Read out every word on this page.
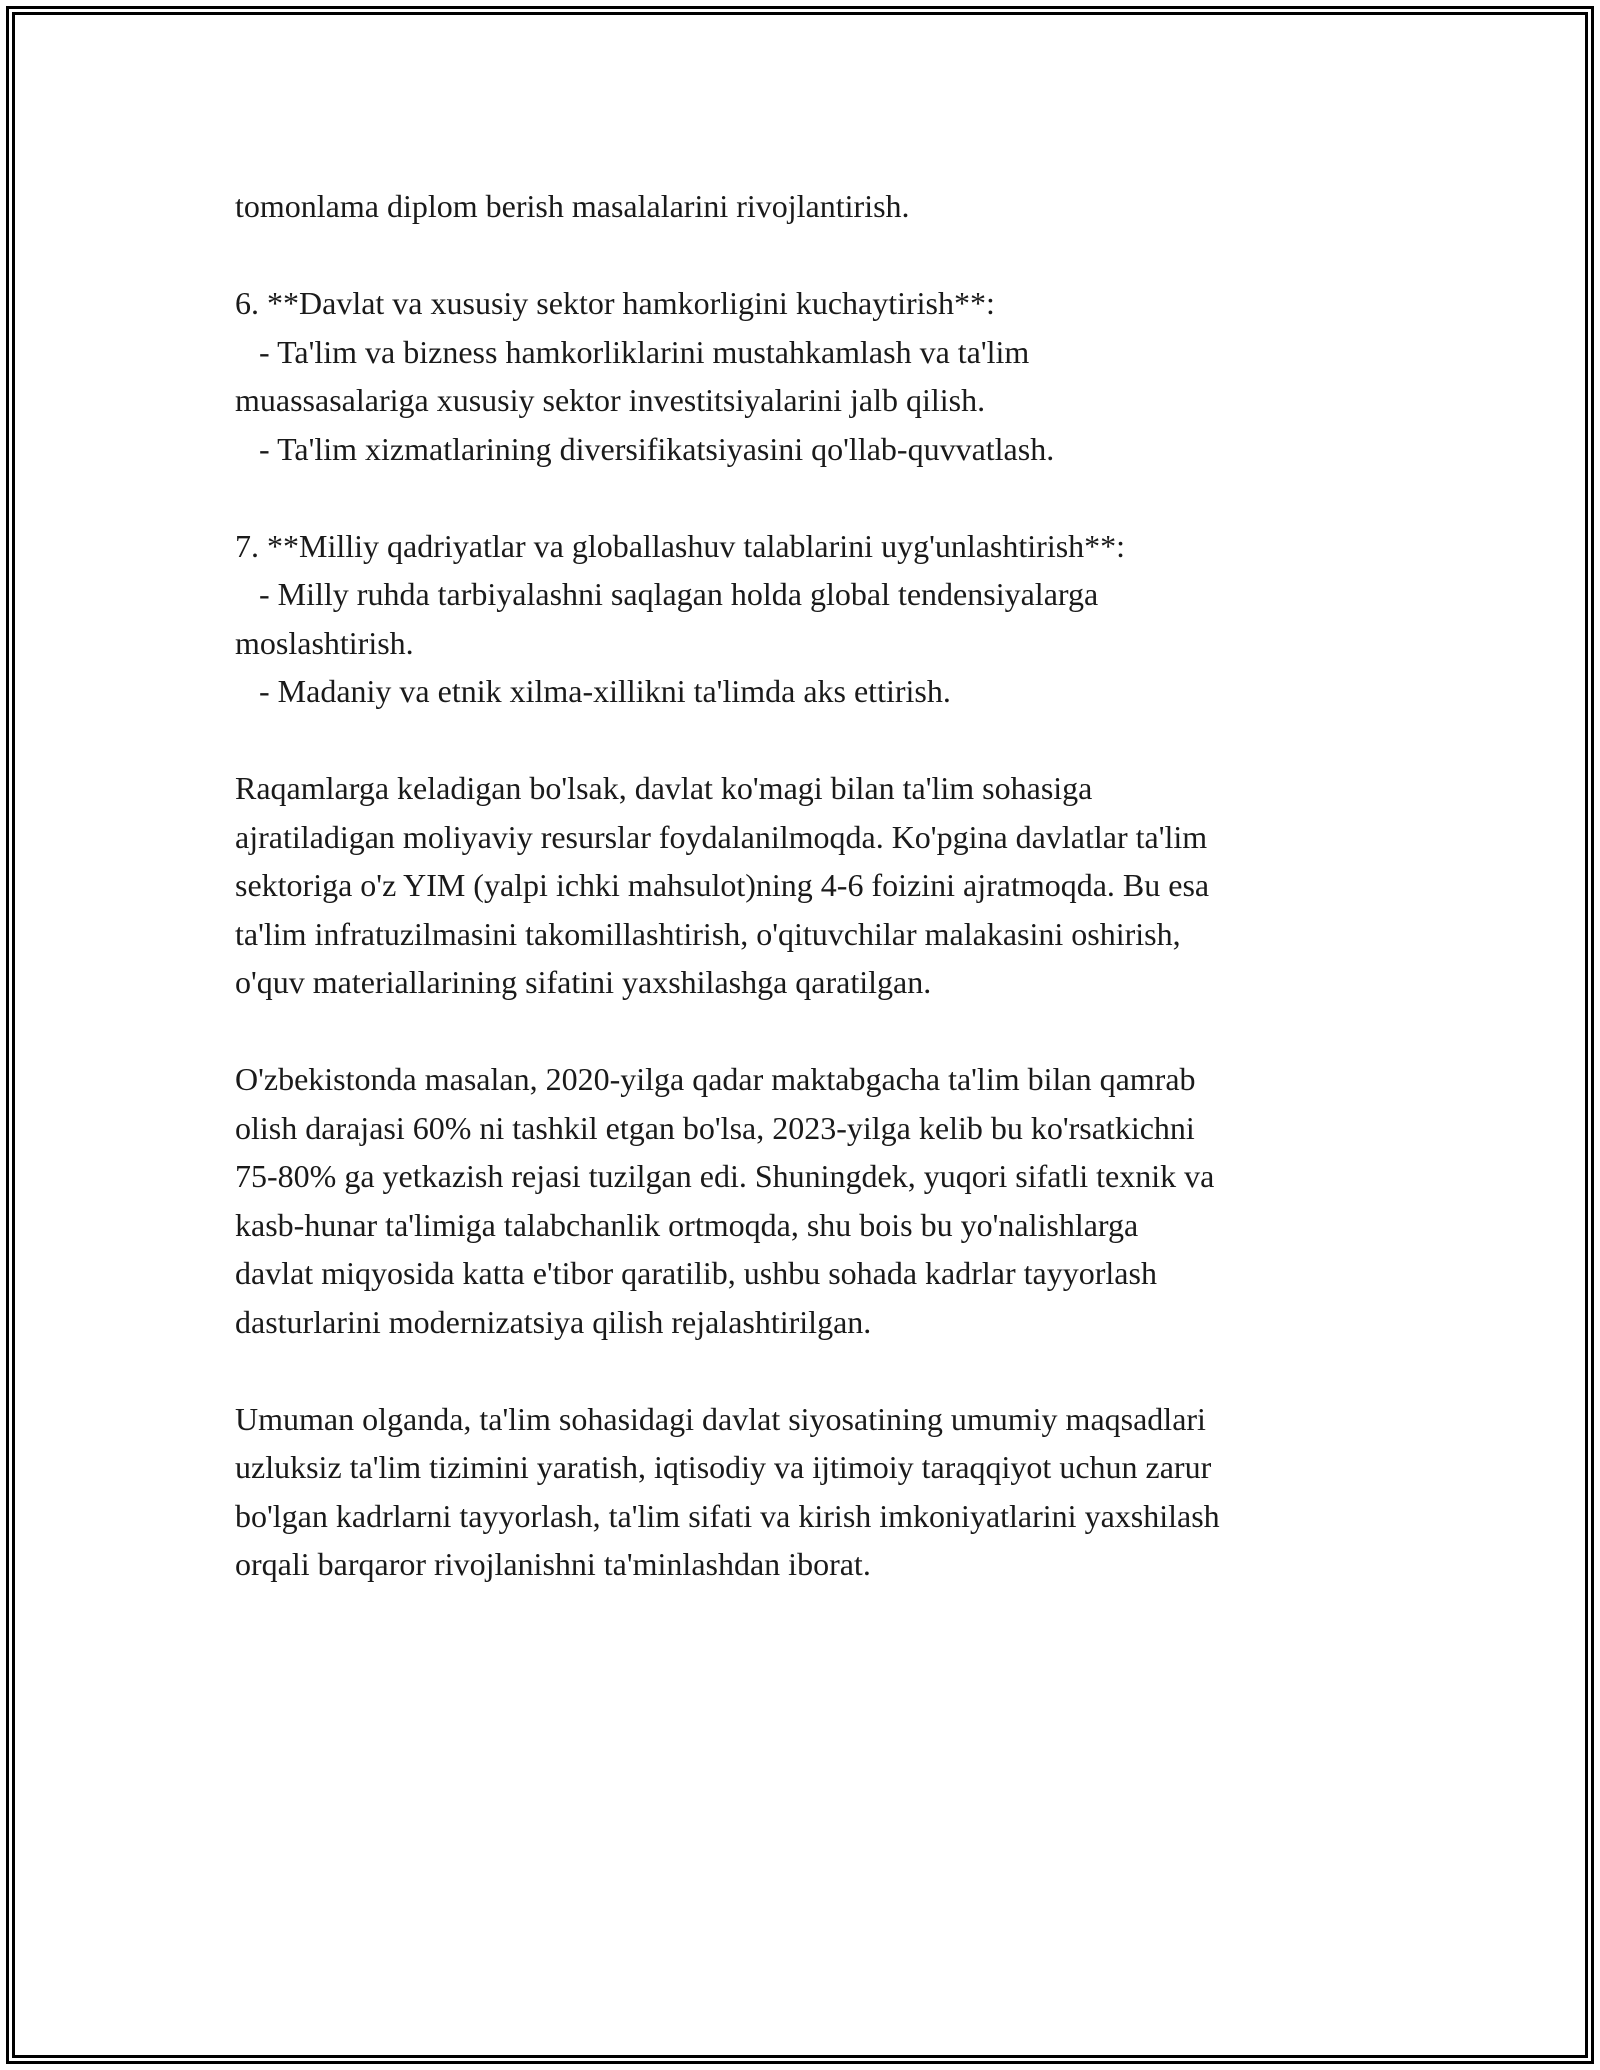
tomonlama diplom berish masalalarini rivojlantirish.
6. **Davlat va xususiy sektor hamkorligini kuchaytirish**:
- Ta'lim va bizness hamkorliklarini mustahkamlash va ta'lim
muassasalariga xususiy sektor investitsiyalarini jalb qilish.
- Ta'lim xizmatlarining diversifikatsiyasini qo'llab-quvvatlash.
7. **Milliy qadriyatlar va globallashuv talablarini uyg'unlashtirish**:
- Milly ruhda tarbiyalashni saqlagan holda global tendensiyalarga
moslashtirish.
- Madaniy va etnik xilma-xillikni ta'limda aks ettirish.
Raqamlarga keladigan bo'lsak, davlat ko'magi bilan ta'lim sohasiga
ajratiladigan moliyaviy resurslar foydalanilmoqda. Ko'pgina davlatlar ta'lim
sektoriga o'z YIM (yalpi ichki mahsulot)ning 4-6 foizini ajratmoqda. Bu esa
ta'lim infratuzilmasini takomillashtirish, o'qituvchilar malakasini oshirish,
o'quv materiallarining sifatini yaxshilashga qaratilgan.
O'zbekistonda masalan, 2020-yilga qadar maktabgacha ta'lim bilan qamrab
olish darajasi 60% ni tashkil etgan bo'lsa, 2023-yilga kelib bu ko'rsatkichni
75-80% ga yetkazish rejasi tuzilgan edi. Shuningdek, yuqori sifatli texnik va
kasb-hunar ta'limiga talabchanlik ortmoqda, shu bois bu yo'nalishlarga
davlat miqyosida katta e'tibor qaratilib, ushbu sohada kadrlar tayyorlash
dasturlarini modernizatsiya qilish rejalashtirilgan.
Umuman olganda, ta'lim sohasidagi davlat siyosatining umumiy maqsadlari
uzluksiz ta'lim tizimini yaratish, iqtisodiy va ijtimoiy taraqqiyot uchun zarur
bo'lgan kadrlarni tayyorlash, ta'lim sifati va kirish imkoniyatlarini yaxshilash
orqali barqaror rivojlanishni ta'minlashdan iborat.
